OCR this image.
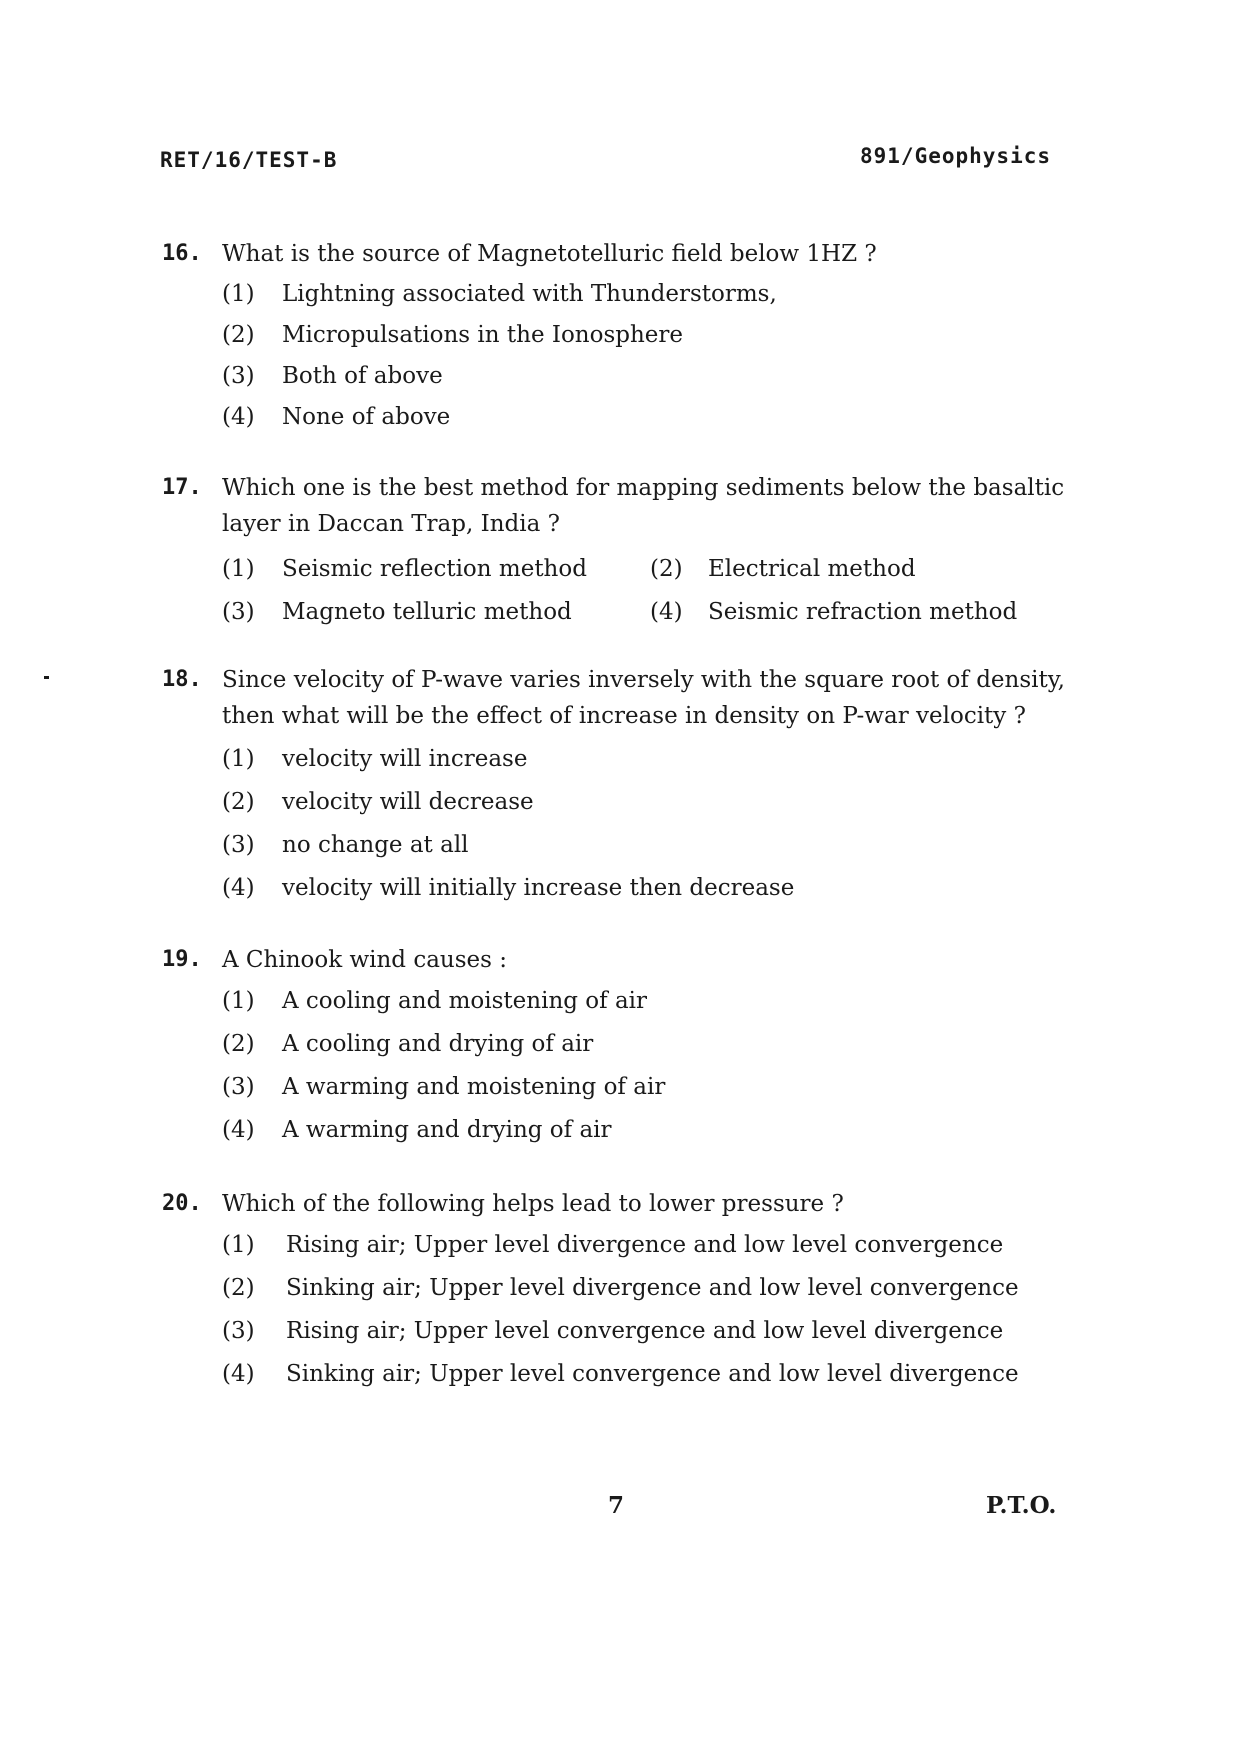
RET/16/TEST-B	891/Geophysics
16. What is the source of Magnetotelluric field below 1HZ ?
(1) Lightning associated with Thunderstorms,
(2) Micropulsations in the Ionosphere
(3) Both of above
(4) None of above
17. Which one is the best method for mapping sediments below the basaltic layer in Daccan Trap, India ?
(1) Seismic reflection method	(2) Electrical method
(3) Magneto telluric method	(4) Seismic refraction method
18. Since velocity of P-wave varies inversely with the square root of density, then what will be the effect of increase in density on P-war velocity ?
(1) velocity will increase
(2) velocity will decrease
(3) no change at all
(4) velocity will initially increase then decrease
19. A Chinook wind causes :
(1) A cooling and moistening of air
(2) A cooling and drying of air
(3) A warming and moistening of air
(4) A warming and drying of air
20. Which of the following helps lead to lower pressure ?
(1) Rising air; Upper level divergence and low level convergence
(2) Sinking air; Upper level divergence and low level convergence
(3) Rising air; Upper level convergence and low level divergence
(4) Sinking air; Upper level convergence and low level divergence
7	P.T.O.
